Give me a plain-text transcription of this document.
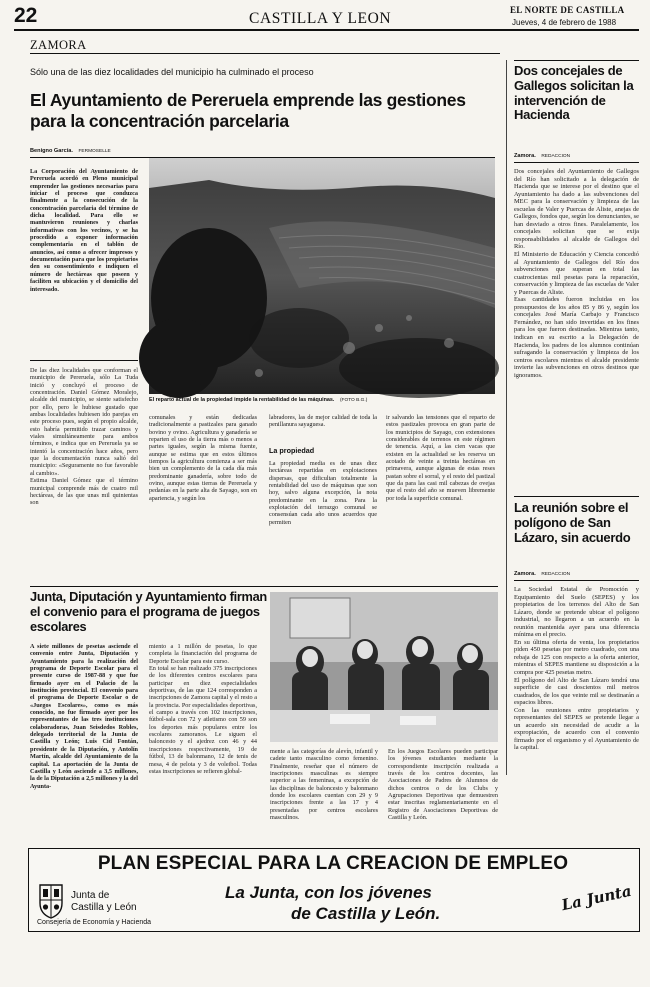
22	CASTILLA Y LEON	EL NORTE DE CASTILLA
Jueves, 4 de febrero de 1988
ZAMORA
Sólo una de las diez localidades del municipio ha culminado el proceso
El Ayuntamiento de Pereruela emprende las gestiones para la concentración parcelaria
Benigno García. FERMOSELLE
La Corporación del Ayuntamiento de Pereruela acordó en Pleno municipal emprender las gestiones necesarias para iniciar el proceso que conduzca finalmente a la consecución de la concentración parcelaria del término de dicha localidad. Para ello se mantuvieron reuniones y charlas informativas con los vecinos, y se ha procedido a exponer información complementaria en el tablón de anuncios, así como a ofrecer impresos y documentación para que los propietarios den su consentimiento e indiquen el número de hectáreas que poseen y faciliten su ubicación y el domicilio del interesado.
De las diez localidades que conforman el municipio de Pereruela, sólo La Tuda inició y concluyó el proceso de concentración. Daniel Gómez Moralejo, alcalde del municipio, se siente satisfecho por ello, pero le hubiese gustado que ambas localidades hubiesen ido parejas en este proceso pues, según el propio alcalde, esto habría permitido trazar caminos y viales simultáneamente para ambos términos, e indica que en Pereruela ya se intentó la concentración hace años, pero que la documentación nunca salió del municipio: «Seguramente no fue favorable al cambio».
Estima Daniel Gómez que el término municipal comprende más de cuatro mil hectáreas, de las que unas mil quinientas son
El reparto actual de la propiedad impide la rentabilidad de las máquinas. (FOTO B.G.)
comunales y están dedicadas tradicionalmente a pastizales para ganado bovino y ovino. Agricultura y ganadería se reparten el uso de la tierra más o menos a partes iguales, según la misma fuente, aunque se estima que en estos últimos tiempos la agricultura comienza a ser más bien un complemento de la cada día más predominante ganadería, sobre todo de ovino, aunque estas tierras de Pereruela y pedanías en la parte alta de Sayago, son en apariencia, y según los
labradores, las de mejor calidad de toda la penillanura sayaguesa.
La propiedad
La propiedad media es de unas diez hectáreas repartidas en explotaciones dispersas, que dificultan totalmente la rentabilidad del uso de máquinas que son hoy, salvo alguna excepción, la nota predominante en la zona. Para la explotación del terrazgo comunal se consensúan cada año unos acuerdos que permiten
ir salvando las tensiones que el reparto de estos pastizales provoca en gran parte de los municipios de Sayago, con extensiones considerables de terrenos en este régimen de tenencia. Aquí, a las cien vacas que existen en la actualidad se les reserva un acotado de veinte a treinta hectáreas en primavera, aunque algunas de estas reses pastan sobre el sorral, y el resto del pastizal que da para las casi mil cabezas de ovejas que el resto del año se mueven libremente por toda la superficie comunal.
Dos concejales de Gallegos solicitan la intervención de Hacienda
Zamora. REDACCION
Dos concejales del Ayuntamiento de Gallegos del Río han solicitado a la delegación de Hacienda que se interese por el destino que el Ayuntamiento ha dado a las subvenciones del MEC para la conservación y limpieza de las escuelas de Valer y Puercas de Aliste, anejas de Gallegos, fondos que, según los denunciantes, se han desviado a otros fines. Paralelamente, los concejales solicitan que se exija responsabilidades al alcalde de Gallegos del Río.
El Ministerio de Educación y Ciencia concedió al Ayuntamiento de Gallegos del Río dos subvenciones que superan en total las cuatrocientas mil pesetas para la reparación, conservación y limpieza de las escuelas de Valer y Puercas de Aliste.
Esas cantidades fueron incluidas en los presupuestos de los años 85 y 86 y, según los concejales José María Carbajo y Francisco Fernández, no han sido invertidas en los fines para los que fueron destinadas. Mientras tanto, indican en su escrito a la Delegación de Hacienda, los padres de los alumnos continúan sufragando la conservación y limpieza de los centros escolares mientras el alcalde presidente invierte las subvenciones en otros destinos que ignoramos.
La reunión sobre el polígono de San Lázaro, sin acuerdo
Zamora. REDACCION
La Sociedad Estatal de Promoción y Equipamiento del Suelo (SEPES) y los propietarios de los terrenos del Alto de San Lázaro, donde se pretende ubicar el polígono industrial, no llegaron a un acuerdo en la reunión mantenida ayer para una diferencia mínima en el precio.
En su última oferta de venta, los propietarios piden 450 pesetas por metro cuadrado, con una rebaja de 125 con respecto a la oferta anterior, mientras el SEPES mantiene su disposición a la compra por 425 pesetas metro.
El polígono del Alto de San Lázaro tendrá una superficie de casi doscientos mil metros cuadrados, de los que veinte mil se destinarán a espacios libres.
Con las reuniones entre propietarios y representantes del SEPES se pretende llegar a un acuerdo sin necesidad de acudir a la expropiación, de acuerdo con el convenio firmado por el organismo y el Ayuntamiento de la capital.
Junta, Diputación y Ayuntamiento firman el convenio para el programa de juegos escolares
A siete millones de pesetas asciende el convenio entre Junta, Diputación y Ayuntamiento para la realización del programa de Deporte Escolar para el presente curso de 1987-88 y que fue firmado ayer en el Palacio de la institución provincial. El convenio para el programa de Deporte Escolar o de «Juegos Escolares», como es más conocido, no fue firmado ayer por los representantes de las tres instituciones colaboradoras, Juan Seisdedos Robles, delegado territorial de la Junta de Castilla y León; Luis Cid Fontán, presidente de la Diputación, y Antolín Martín, alcalde del Ayuntamiento de la capital. La aportación de la Junta de Castilla y León asciende a 3,5 millones, la de la Diputación a 2,5 millones y la del Ayunta-
miento a 1 millón de pesetas, lo que completa la financiación del programa de Deporte Escolar para este curso.
En total se han realizado 375 inscripciones de los diferentes centros escolares para participar en diez especialidades deportivas, de las que 124 corresponden a inscripciones de Zamora capital y el resto a la provincia. Por especialidades deportivas, el campo a través con 102 inscripciones, fútbol-sala con 72 y atletismo con 59 son los deportes más populares entre los escolares zamoranos. Le siguen el baloncesto y el ajedrez con 46 y 44 inscripciones respectivamente, 19 de fútbol, 13 de balonmano, 12 de tenis de mesa, 4 de pelota y 3 de voleibol. Todas estas inscripciones se refieren global-
mente a las categorías de alevín, infantil y cadete tanto masculino como femenino. Finalmente, reseñar que el número de inscripciones masculinas es siempre superior a las femeninas, a excepción de las disciplinas de baloncesto y balonmano donde los escolares cuentan con 29 y 9 inscripciones frente a las 17 y 4 presentadas por centros escolares masculinos.
En los Juegos Escolares pueden participar los jóvenes estudiantes mediante la correspondiente inscripción realizada a través de los centros docentes, las Asociaciones de Padres de Alumnos de dichos centros o de los Clubs y Agrupaciones Deportivas que demuestren estar inscritas reglamentariamente en el Registro de Asociaciones Deportivas de Castilla y León.
PLAN ESPECIAL PARA LA CREACION DE EMPLEO
Junta de
Castilla y León
Consejería de Economía y Hacienda
La Junta, con los jóvenes
de Castilla y León.	La Junta
